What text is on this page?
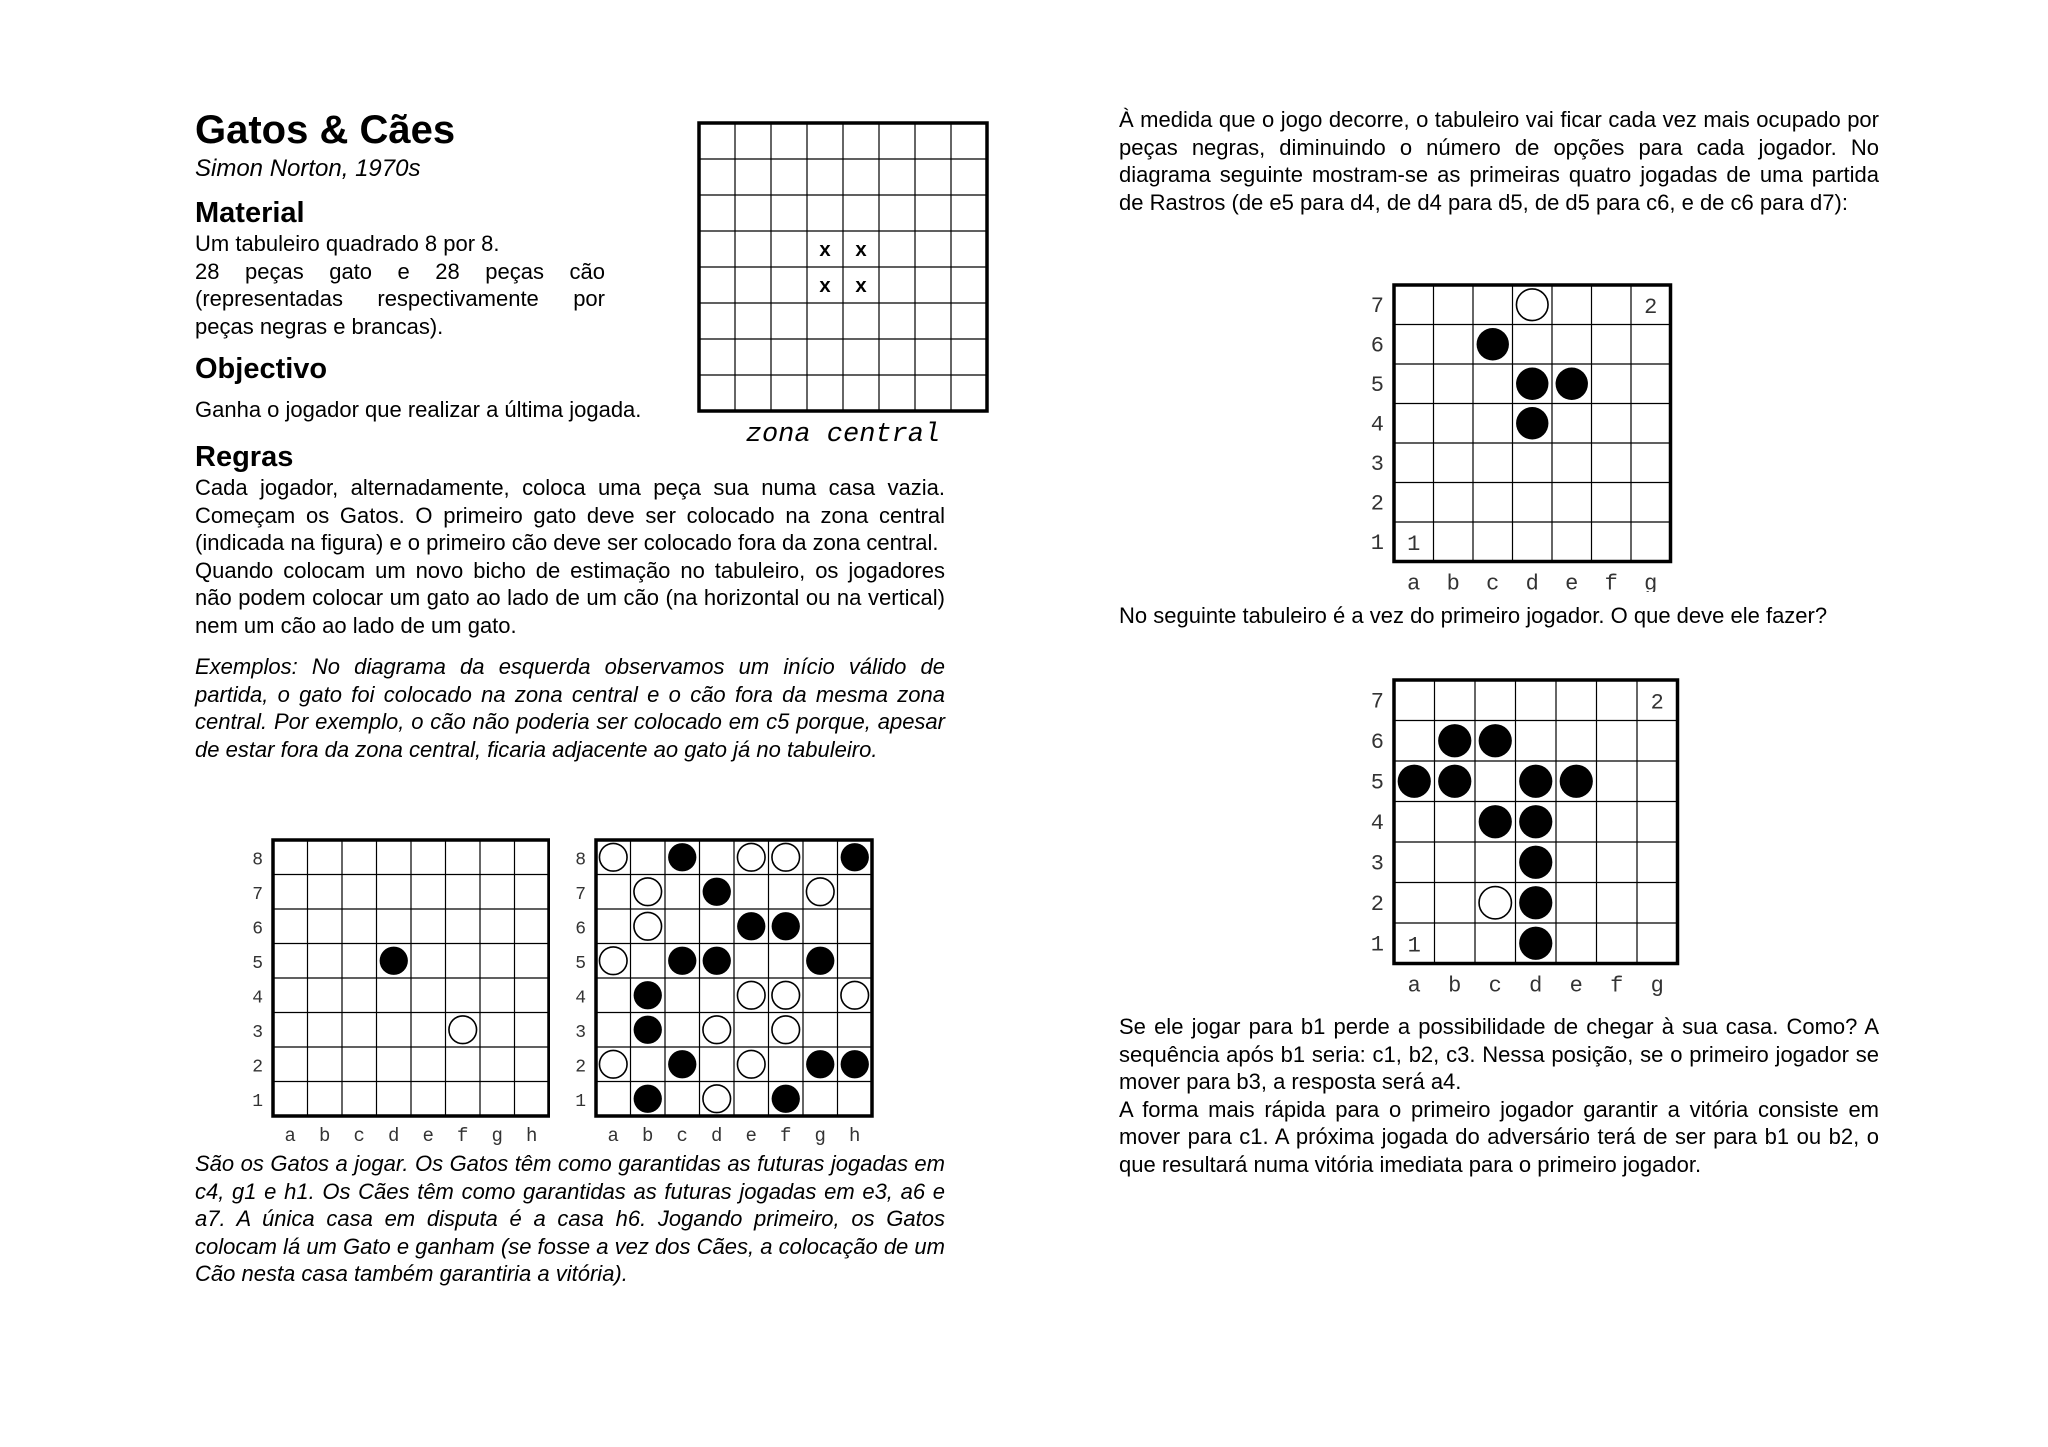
Gatos & Cães
Simon Norton, 1970s
Material

Um tabuleiro quadrado 8 por 8.

28 peças gato e 28 peças cão (representadas respectivamente por peças negras e brancas).

Objectivo
Ganha o jogador que realizar a última jogada.
Regras

Cada jogador, alternadamente, coloca uma peça sua numa casa vazia. Começam os Gatos. O primeiro gato deve ser colocado na zona central (indicada na figura) e o primeiro cão deve ser colocado fora da zona central.

Quando colocam um novo bicho de estimação no tabuleiro, os jogadores não podem colocar um gato ao lado de um cão (na horizontal ou na vertical) nem um cão ao lado de um gato.

Exemplos: No diagrama da esquerda observamos um início válido de partida, o gato foi colocado na zona central e o cão fora da mesma zona central. Por exemplo, o cão não poderia ser colocado em c5 porque, apesar de estar fora da zona central, ficaria adjacente ao gato já no tabuleiro.

São os Gatos a jogar. Os Gatos têm como garantidas as futuras jogadas em c4, g1 e h1. Os Cães têm como garantidas as futuras jogadas em e3, a6 e a7. A única casa em disputa é a casa h6. Jogando primeiro, os Gatos colocam lá um Gato e ganham (se fosse a vez dos Cães, a colocação de um Cão nesta casa também garantiria a vitória).
x x
x x
zona central
8
7
6
5
4
3
2
1
a b c d e f g h
8
7
6
5
4
3
2
1
a b c d e f g h
À medida que o jogo decorre, o tabuleiro vai ficar cada vez mais ocupado por peças negras, diminuindo o número de opções para cada jogador. No diagrama seguinte mostram-se as primeiras quatro jogadas de uma partida de Rastros (de e5 para d4, de d4 para d5, de d5 para c6, e de c6 para d7):
7
6
5
4
3
2
1
a b c d e f g
2
1
No seguinte tabuleiro é a vez do primeiro jogador. O que deve ele fazer?
7
6
5
4
3
2
1
a b c d e f g
2
1

Se ele jogar para b1 perde a possibilidade de chegar à sua casa. Como? A sequência após b1 seria: c1, b2, c3. Nessa posição, se o primeiro jogador se mover para b3, a resposta será a4.

A forma mais rápida para o primeiro jogador garantir a vitória consiste em mover para c1. A próxima jogada do adversário terá de ser para b1 ou b2, o que resultará numa vitória imediata para o primeiro jogador.
